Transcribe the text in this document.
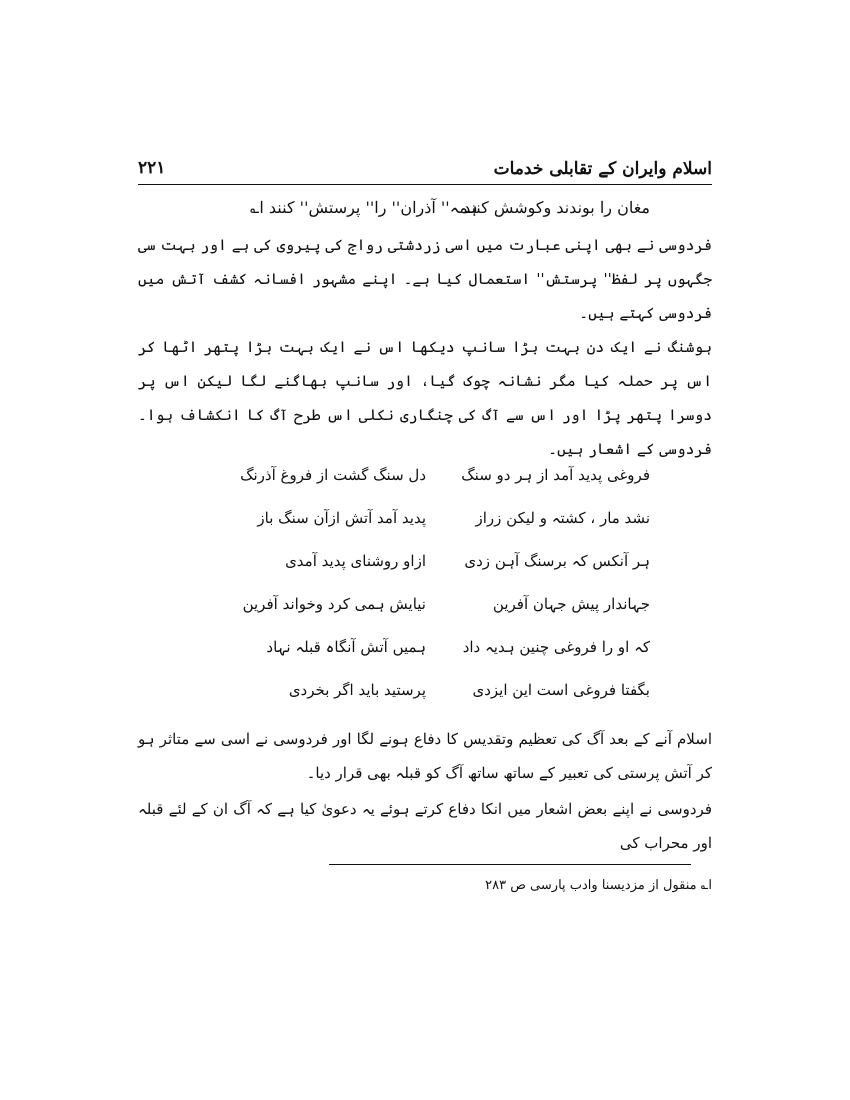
اسلام وایران کے تقابلی خدمات
۲۲۱
مغان را بوندند وکوشش کنند
ہمہ'' آذران'' را'' پرستش'' کنند ا؎
فردوسی نے بھی اپنی عبارت میں اسی زردشتی رواج کی پیروی کی ہے اور بہت سی جگہوں پر لفظ'' پرستش'' استعمال کیا ہے۔ اپنے مشہور افسانہ کشف آتش میں فردوسی کہتے ہیں۔
ہوشنگ نے ایک دن بہت بڑا سانپ دیکھا اس نے ایک بہت بڑا پتھر اٹھا کر اس پر حملہ کیا مگر نشانہ چوک گیا، اور سانپ بھاگنے لگا لیکن اس پر دوسرا پتھر پڑا اور اس سے آگ کی چنگاری نکلی اس طرح آگ کا انکشاف ہوا۔ فردوسی کے اشعار ہیں۔
فروغی پدید آمد از ہر دو سنگ
دل سنگ گشت از فروغ آذرنگ
نشد مار ، کشتہ و لیکن زراز
پدید آمد آتش ازآن سنگ باز
ہر آنکس کہ برسنگ آہن زدی
ازاو روشنای پدید آمدی
جہاندار پیش جہان آفرین
نیایش ہمی کرد وخواند آفرین
کہ او را فروغی چنین ہدیہ داد
ہمیں آتش آنگاہ قبلہ نہاد
بگفتا فروغی است این ایزدی
پرستید باید اگر بخردی
اسلام آنے کے بعد آگ کی تعظیم وتقدیس کا دفاع ہونے لگا اور فردوسی نے اسی سے متاثر ہو کر آتش پرستی کی تعبیر کے ساتھ ساتھ آگ کو قبلہ بھی قرار دیا۔
فردوسی نے اپنے بعض اشعار میں انکا دفاع کرتے ہوئے یہ دعویٰ کیا ہے کہ آگ ان کے لئے قبلہ اور محراب کی
ا؎ منقول از مزدیسنا وادب پارسی ص ۲۸۳
